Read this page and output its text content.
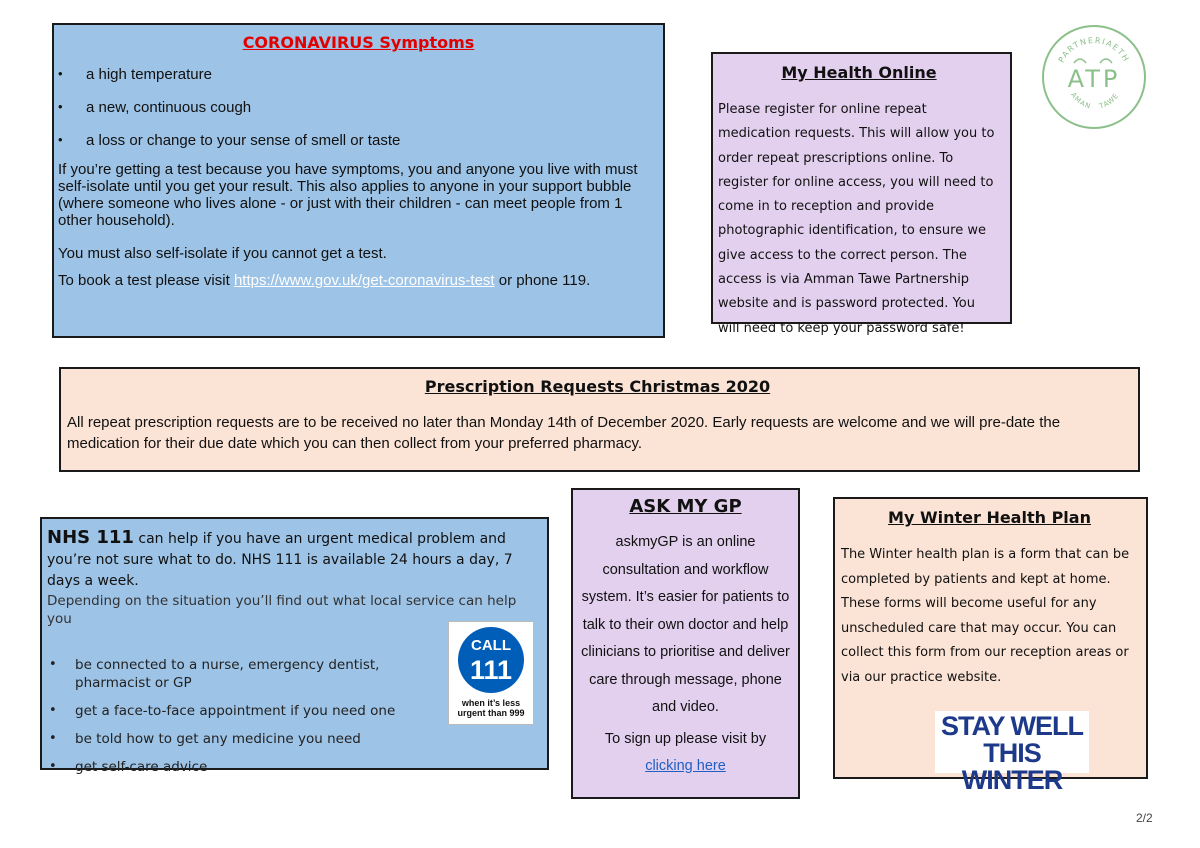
CORONAVIRUS Symptoms
• a high temperature
• a new, continuous cough
• a loss or change to your sense of smell or taste
If you’re getting a test because you have symptoms, you and anyone you live with must self-isolate until you get your result. This also applies to anyone in your support bubble (where someone who lives alone - or just with their children - can meet people from 1 other household).
You must also self-isolate if you cannot get a test.
To book a test please visit https://www.gov.uk/get-coronavirus-test or phone 119.
My Health Online
Please register for online repeat medication requests. This will allow you to order repeat prescriptions online. To register for online access, you will need to come in to reception and provide photographic identification, to ensure we give access to the correct person. The access is via Amman Tawe Partnership website and is password protected. You will need to keep your password safe!
PARTNERIAETH
AMAN TAWE
ATP
Prescription Requests Christmas 2020
All repeat prescription requests are to be received no later than Monday 14th of December 2020. Early requests are welcome and we will pre-date the medication for their due date which you can then collect from your preferred pharmacy.
NHS 111 can help if you have an urgent medical problem and you’re not sure what to do. NHS 111 is available 24 hours a day, 7 days a week.
Depending on the situation you’ll find out what local service can help you
• be connected to a nurse, emergency dentist, pharmacist or GP
• get a face-to-face appointment if you need one
• be told how to get any medicine you need
• get self-care advice
CALL
111
when it’s less urgent than 999
ASK MY GP
askmyGP is an online consultation and workflow system. It’s easier for patients to talk to their own doctor and help clinicians to prioritise and deliver care through message, phone and video.
To sign up please visit by
clicking here
My Winter Health Plan
The Winter health plan is a form that can be completed by patients and kept at home. These forms will become useful for any unscheduled care that may occur. You can collect this form from our reception areas or via our practice website.
STAY WELL
THIS WINTER
2/2
